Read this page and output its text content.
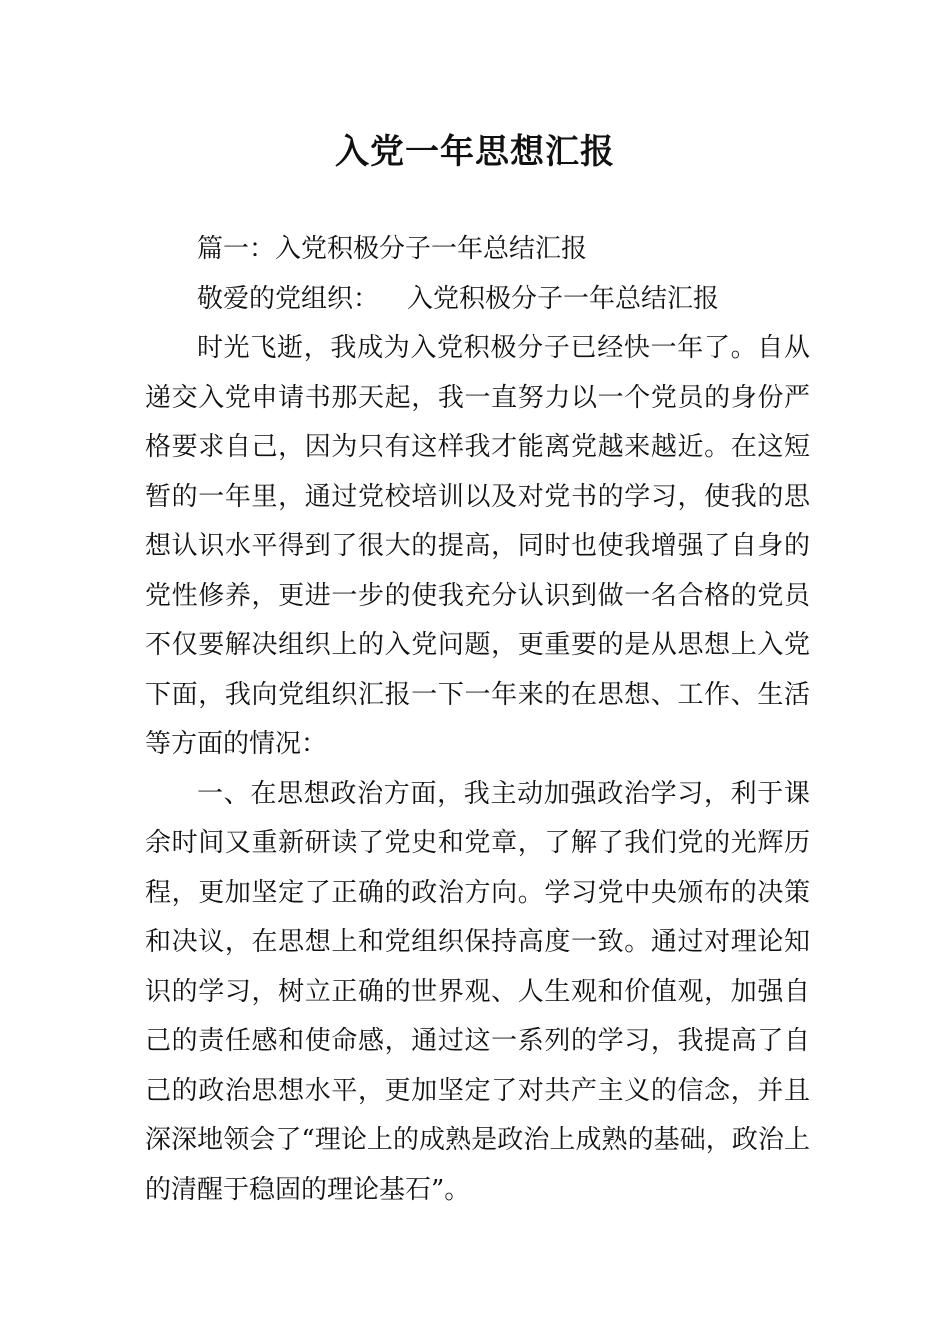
入党一年思想汇报

篇一：入党积极分子一年总结汇报

敬爱的党组织： 入党积极分子一年总结汇报

时光飞逝，我成为入党积极分子已经快一年了。自从递交入党申请书那天起，我一直努力以一个党员的身份严格要求自己，因为只有这样我才能离党越来越近。在这短暂的一年里，通过党校培训以及对党书的学习，使我的思想认识水平得到了很大的提高，同时也使我增强了自身的党性修养，更进一步的使我充分认识到做一名合格的党员不仅要解决组织上的入党问题，更重要的是从思想上入党下面，我向党组织汇报一下一年来的在思想、工作、生活等方面的情况：

一、在思想政治方面，我主动加强政治学习，利于课余时间又重新研读了党史和党章，了解了我们党的光辉历程，更加坚定了正确的政治方向。学习党中央颁布的决策和决议，在思想上和党组织保持高度一致。通过对理论知识的学习，树立正确的世界观、人生观和价值观，加强自己的责任感和使命感，通过这一系列的学习，我提高了自己的政治思想水平，更加坚定了对共产主义的信念，并且深深地领会了“理论上的成熟是政治上成熟的基础，政治上的清醒于稳固的理论基石”。
